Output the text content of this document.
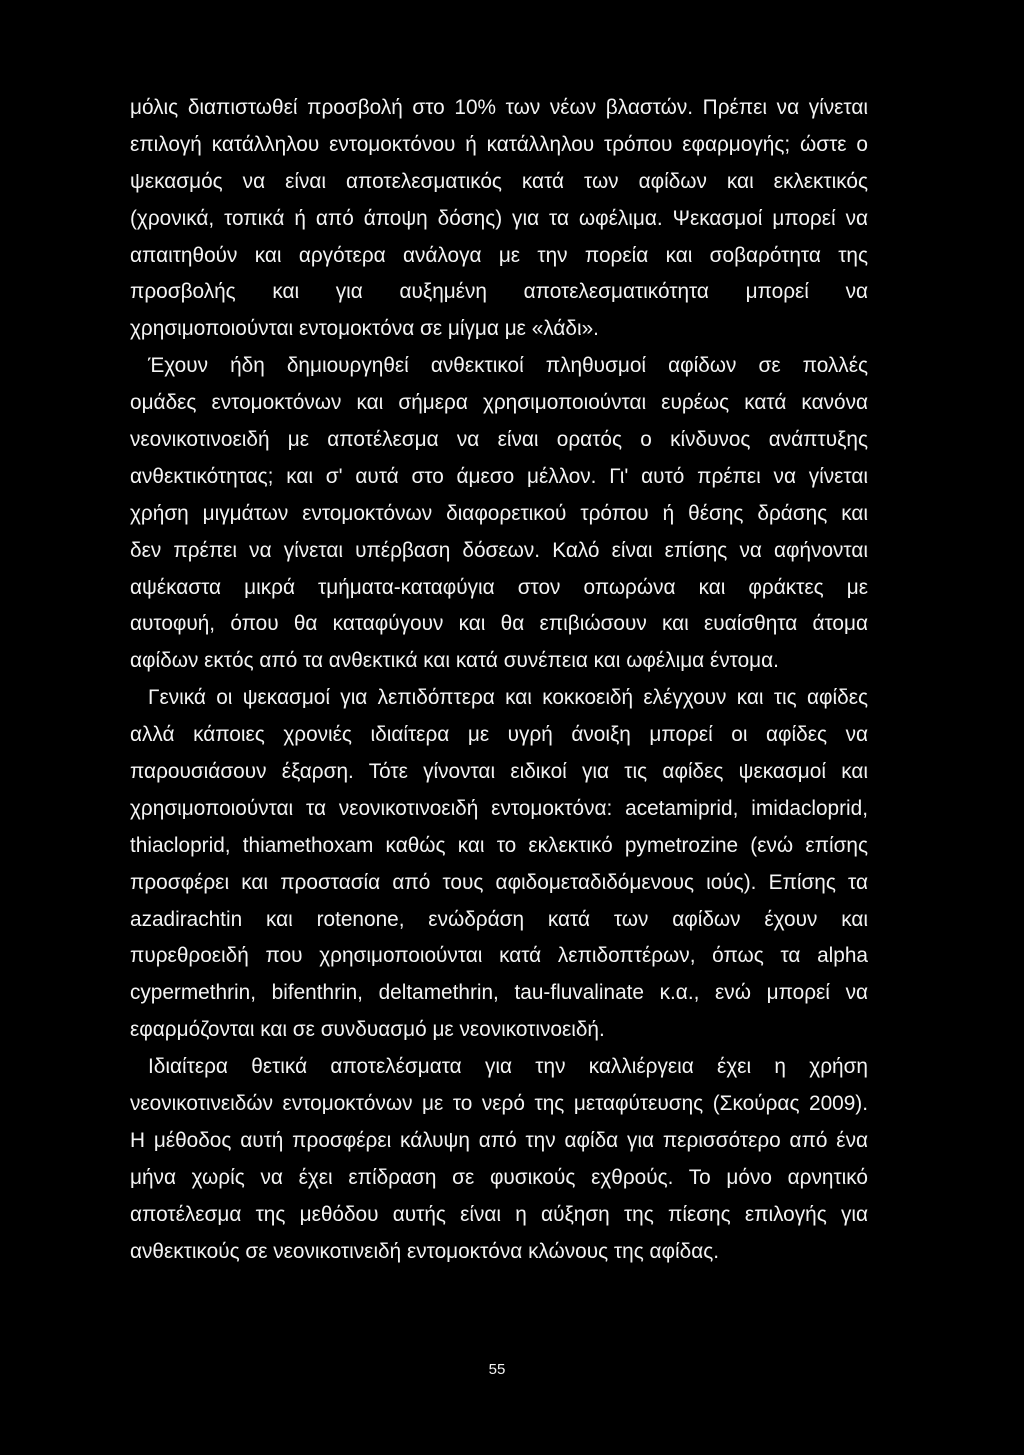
μόλις διαπιστωθεί προσβολή στο 10% των νέων βλαστών. Πρέπει να γίνεται
επιλογή κατάλληλου εντομοκτόνου ή κατάλληλου τρόπου εφαρμογής; ώστε ο
ψεκασμός να είναι αποτελεσματικός κατά των αφίδων και εκλεκτικός
(χρονικά, τοπικά ή από άποψη δόσης) για τα ωφέλιμα. Ψεκασμοί μπορεί να
απαιτηθούν και αργότερα ανάλογα με την πορεία και σοβαρότητα της
προσβολής και για αυξημένη αποτελεσματικότητα μπορεί να
χρησιμοποιούνται εντομοκτόνα σε μίγμα με «λάδι».
Έχουν ήδη δημιουργηθεί ανθεκτικοί πληθυσμοί αφίδων σε πολλές
ομάδες εντομοκτόνων και σήμερα χρησιμοποιούνται ευρέως κατά κανόνα
νεονικοτινοειδή με αποτέλεσμα να είναι ορατός ο κίνδυνος ανάπτυξης
ανθεκτικότητας; και σ' αυτά στο άμεσο μέλλον. Γι' αυτό πρέπει να γίνεται
χρήση μιγμάτων εντομοκτόνων διαφορετικού τρόπου ή θέσης δράσης και
δεν πρέπει να γίνεται υπέρβαση δόσεων. Καλό είναι επίσης να αφήνονται
αψέκαστα μικρά τμήματα-καταφύγια στον οπωρώνα και φράκτες με
αυτοφυή, όπου θα καταφύγουν και θα επιβιώσουν και ευαίσθητα άτομα
αφίδων εκτός από τα ανθεκτικά και κατά συνέπεια και ωφέλιμα έντομα.
Γενικά οι ψεκασμοί για λεπιδόπτερα και κοκκοειδή ελέγχουν και τις αφίδες
αλλά κάποιες χρονιές ιδιαίτερα με υγρή άνοιξη μπορεί οι αφίδες να
παρουσιάσουν έξαρση. Τότε γίνονται ειδικοί για τις αφίδες ψεκασμοί και
χρησιμοποιούνται τα νεονικοτινοειδή εντομοκτόνα: acetamiprid, imidacloprid,
thiacloprid, thiamethoxam καθώς και το εκλεκτικό pymetrozine (ενώ επίσης
προσφέρει και προστασία από τους αφιδομεταδιδόμενους ιούς). Επίσης τα
azadirachtin και rotenone, ενώδράση κατά των αφίδων έχουν και
πυρεθροειδή που χρησιμοποιούνται κατά λεπιδοπτέρων, όπως τα alpha
cypermethrin, bifenthrin, deltamethrin, tau-fluvalinate κ.α., ενώ μπορεί να
εφαρμόζονται και σε συνδυασμό με νεονικοτινοειδή.
Ιδιαίτερα θετικά αποτελέσματα για την καλλιέργεια έχει η χρήση
νεονικοτινειδών εντομοκτόνων με το νερό της μεταφύτευσης (Σκούρας 2009).
Η μέθοδος αυτή προσφέρει κάλυψη από την αφίδα για περισσότερο από ένα
μήνα χωρίς να έχει επίδραση σε φυσικούς εχθρούς. Το μόνο αρνητικό
αποτέλεσμα της μεθόδου αυτής είναι η αύξηση της πίεσης επιλογής για
ανθεκτικούς σε νεονικοτινειδή εντομοκτόνα κλώνους της αφίδας.
55
